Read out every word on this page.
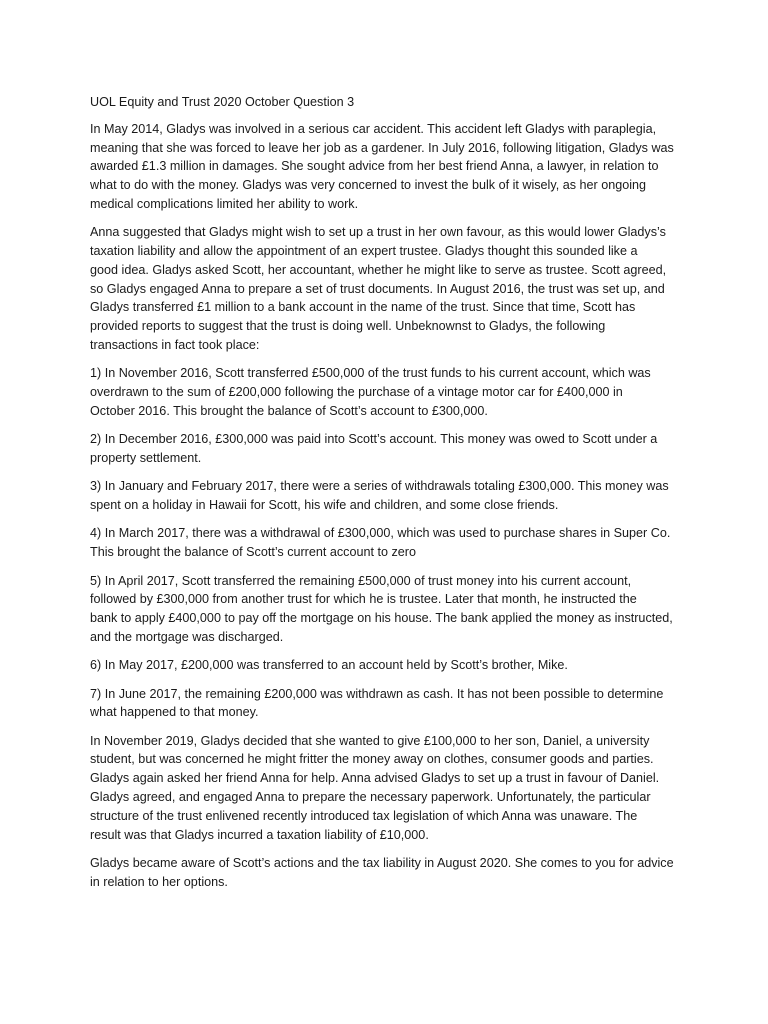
UOL Equity and Trust 2020 October Question 3

In May 2014, Gladys was involved in a serious car accident. This accident left Gladys with paraplegia,
meaning that she was forced to leave her job as a gardener. In July 2016, following litigation, Gladys was
awarded £1.3 million in damages. She sought advice from her best friend Anna, a lawyer, in relation to
what to do with the money. Gladys was very concerned to invest the bulk of it wisely, as her ongoing
medical complications limited her ability to work.

Anna suggested that Gladys might wish to set up a trust in her own favour, as this would lower Gladys’s
taxation liability and allow the appointment of an expert trustee. Gladys thought this sounded like a
good idea. Gladys asked Scott, her accountant, whether he might like to serve as trustee. Scott agreed,
so Gladys engaged Anna to prepare a set of trust documents. In August 2016, the trust was set up, and
Gladys transferred £1 million to a bank account in the name of the trust. Since that time, Scott has
provided reports to suggest that the trust is doing well. Unbeknownst to Gladys, the following
transactions in fact took place:

1) In November 2016, Scott transferred £500,000 of the trust funds to his current account, which was
overdrawn to the sum of £200,000 following the purchase of a vintage motor car for £400,000 in
October 2016. This brought the balance of Scott’s account to £300,000.

2) In December 2016, £300,000 was paid into Scott’s account. This money was owed to Scott under a
property settlement.

3) In January and February 2017, there were a series of withdrawals totaling £300,000. This money was
spent on a holiday in Hawaii for Scott, his wife and children, and some close friends.

4) In March 2017, there was a withdrawal of £300,000, which was used to purchase shares in Super Co.
This brought the balance of Scott’s current account to zero

5) In April 2017, Scott transferred the remaining £500,000 of trust money into his current account,
followed by £300,000 from another trust for which he is trustee. Later that month, he instructed the
bank to apply £400,000 to pay off the mortgage on his house. The bank applied the money as instructed,
and the mortgage was discharged.

6) In May 2017, £200,000 was transferred to an account held by Scott’s brother, Mike.

7) In June 2017, the remaining £200,000 was withdrawn as cash. It has not been possible to determine
what happened to that money.

In November 2019, Gladys decided that she wanted to give £100,000 to her son, Daniel, a university
student, but was concerned he might fritter the money away on clothes, consumer goods and parties.
Gladys again asked her friend Anna for help. Anna advised Gladys to set up a trust in favour of Daniel.
Gladys agreed, and engaged Anna to prepare the necessary paperwork. Unfortunately, the particular
structure of the trust enlivened recently introduced tax legislation of which Anna was unaware. The
result was that Gladys incurred a taxation liability of £10,000.

Gladys became aware of Scott’s actions and the tax liability in August 2020. She comes to you for advice
in relation to her options.
